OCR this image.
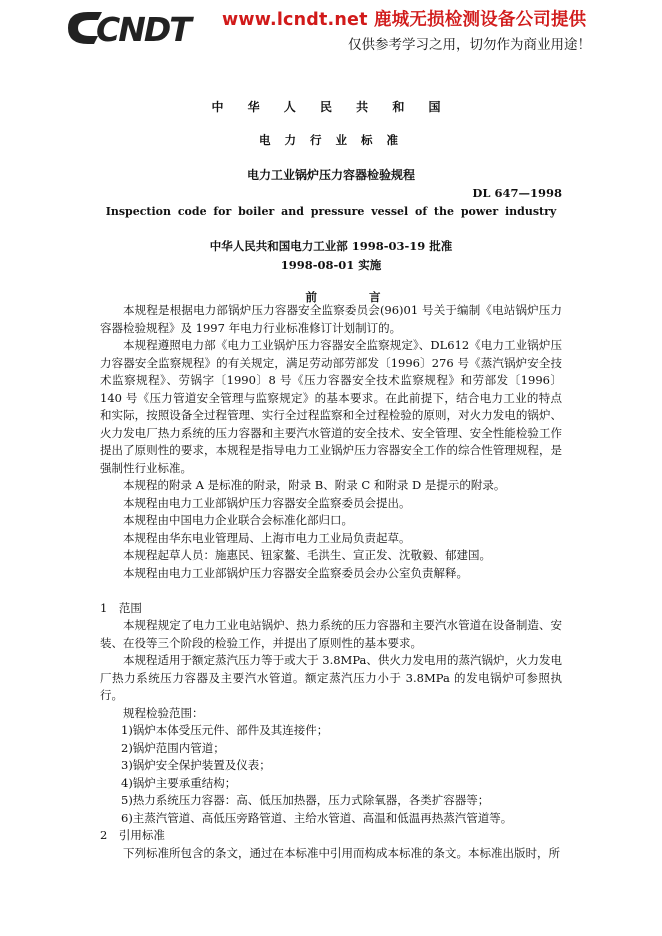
CNDT www.lcndt.net 鹿城无损检测设备公司提供
仅供参考学习之用，切勿作为商业用途！
中 华 人 民 共 和 国
电 力 行 业 标 准
电力工业锅炉压力容器检验规程
DL 647—1998
Inspection code for boiler and pressure vessel of the power industry
中华人民共和国电力工业部 1998-03-19 批准
1998-08-01 实施
前 言

本规程是根据电力部锅炉压力容器安全监察委员会(96)01 号关于编制《电站锅炉压力容器检验规程》及 1997 年电力行业标准修订计划制订的。

本规程遵照电力部《电力工业锅炉压力容器安全监察规定》、DL612《电力工业锅炉压力容器安全监察规程》的有关规定，满足劳动部劳部发〔1996〕276 号《蒸汽锅炉安全技术监察规程》、劳锅字〔1990〕8 号《压力容器安全技术监察规程》和劳部发〔1996〕140 号《压力管道安全管理与监察规定》的基本要求。在此前提下，结合电力工业的特点和实际，按照设备全过程管理、实行全过程监察和全过程检验的原则，对火力发电的锅炉、火力发电厂热力系统的压力容器和主要汽水管道的安全技术、安全管理、安全性能检验工作提出了原则性的要求，本规程是指导电力工业锅炉压力容器安全工作的综合性管理规程，是强制性行业标准。

本规程的附录 A 是标准的附录，附录 B、附录 C 和附录 D 是提示的附录。

本规程由电力工业部锅炉压力容器安全监察委员会提出。

本规程由中国电力企业联合会标准化部归口。

本规程由华东电业管理局、上海市电力工业局负责起草。

本规程起草人员：施惠民、钮家鳌、毛洪生、宣正发、沈敬毅、郁建国。

本规程由电力工业部锅炉压力容器安全监察委员会办公室负责解释。

1　范围

本规程规定了电力工业电站锅炉、热力系统的压力容器和主要汽水管道在设备制造、安装、在役等三个阶段的检验工作，并提出了原则性的基本要求。

本规程适用于额定蒸汽压力等于或大于 3.8MPa、供火力发电用的蒸汽锅炉，火力发电厂热力系统压力容器及主要汽水管道。额定蒸汽压力小于 3.8MPa 的发电锅炉可参照执行。

规程检验范围：

1)锅炉本体受压元件、部件及其连接件；

2)锅炉范围内管道；

3)锅炉安全保护装置及仪表；

4)锅炉主要承重结构；

5)热力系统压力容器：高、低压加热器，压力式除氧器，各类扩容器等；

6)主蒸汽管道、高低压旁路管道、主给水管道、高温和低温再热蒸汽管道等。

2　引用标准

下列标准所包含的条文，通过在本标准中引用而构成本标准的条文。本标准出版时，所
